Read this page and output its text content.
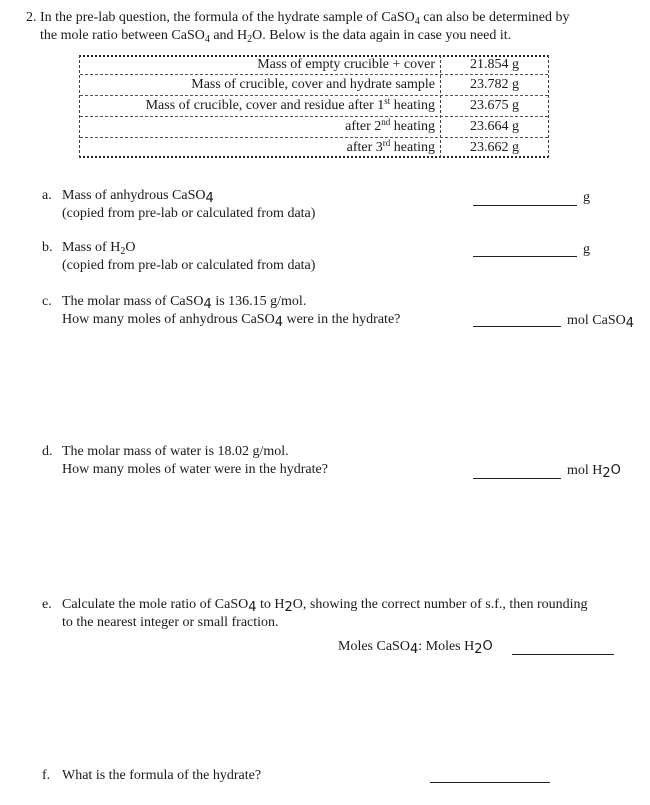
2. In the pre-lab question, the formula of the hydrate sample of CaSO$_4$ can also be determined by
the mole ratio between CaSO$_4$ and $H_2O$. Below is the data again in case you need it.
Mass of empty crucible + cover	21.854 g
Mass of crucible, cover and hydrate sample	23.782 g
Mass of crucible, cover and residue after 1st heating	23.675 g
after 2nd heating	23.664 g
after 3rd heating	23.662 g
a. Mass of anhydrous CaSO$_4$
(copied from pre-lab or calculated from data)
g
b. Mass of $H_2O$
(copied from pre-lab or calculated from data)
g
c. The molar mass of CaSO$_4$ is 136.15 g/mol.
How many moles of anhydrous CaSO$_4$ were in the hydrate?	mol CaSO$_4$
d. The molar mass of water is 18.02 g/mol.
How many moles of water were in the hydrate?	mol $H_2O$
e. Calculate the mole ratio of CaSO$_4$ to $H_2O$, showing the correct number of s.f., then rounding
to the nearest integer or small fraction.
Moles CaSO$_4$: Moles $H_2O$
f. What is the formula of the hydrate?
